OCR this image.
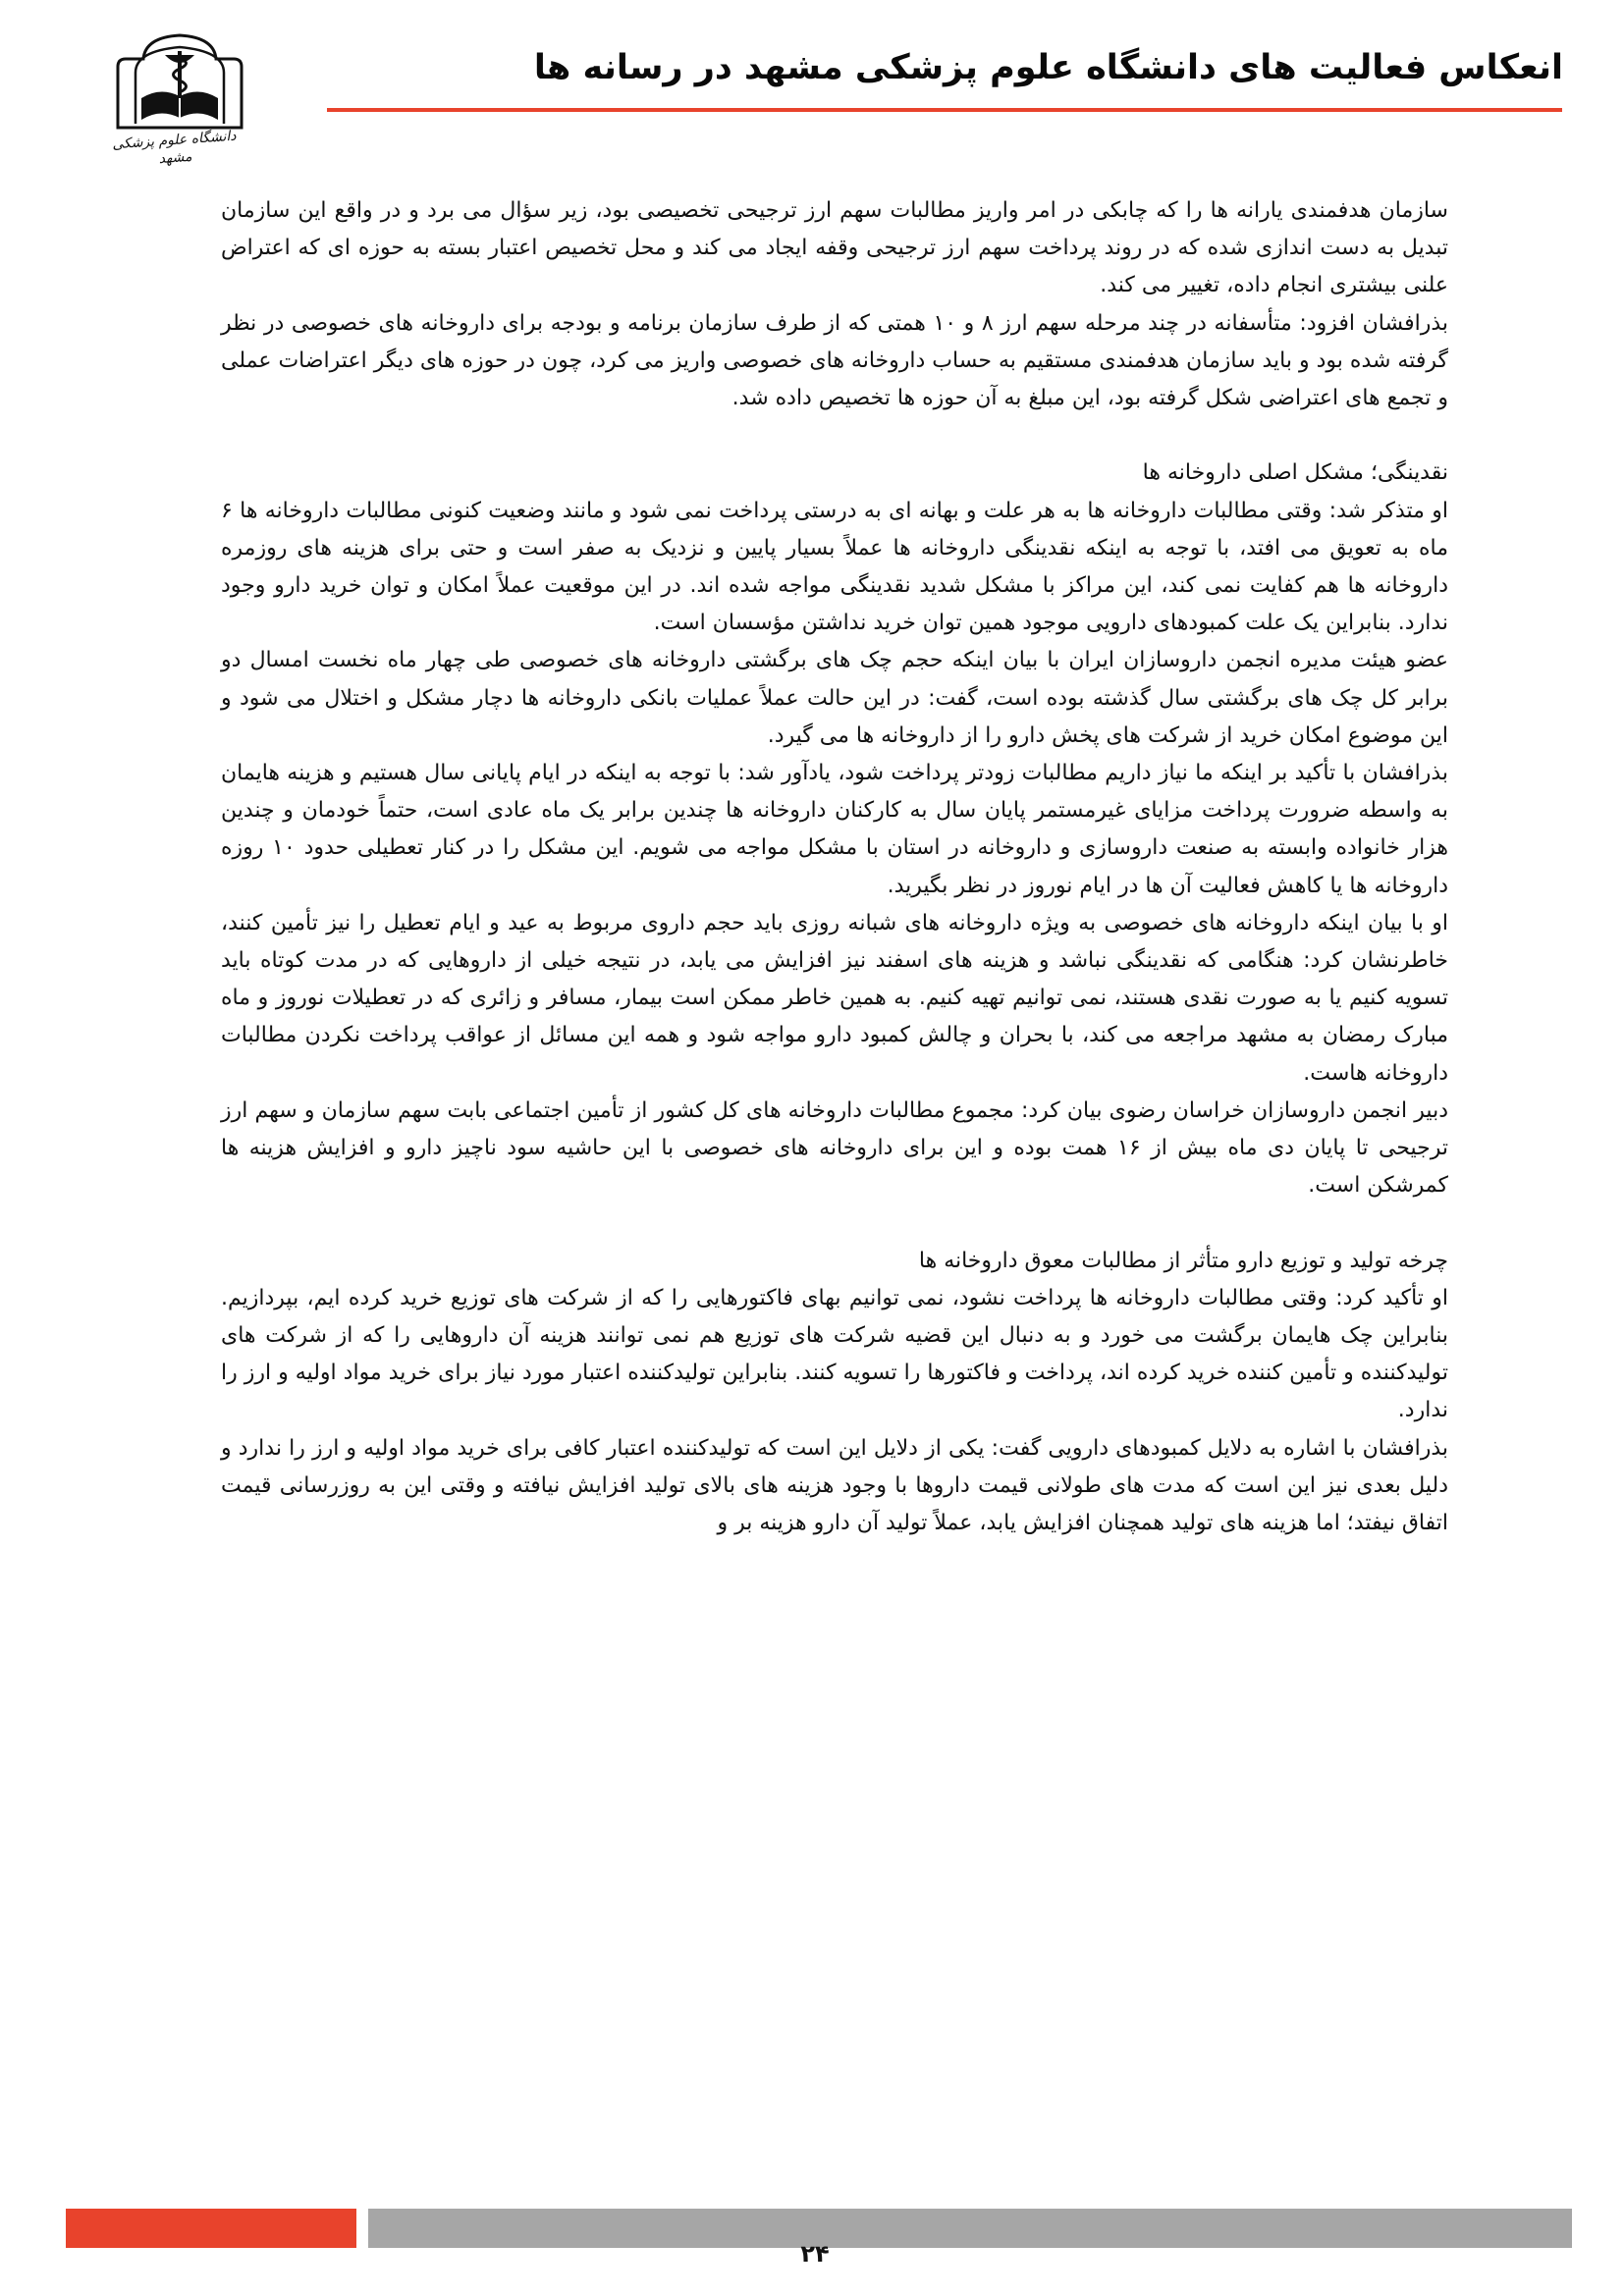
انعکاس فعالیت های دانشگاه علوم پزشکی مشهد در رسانه ها
دانشگاه علوم پزشکی مشهد

سازمان هدفمندی یارانه ها را که چابکی در امر واریز مطالبات سهم ارز ترجیحی تخصیصی بود، زیر سؤال می برد و در واقع این سازمان تبدیل به دست اندازی شده که در روند پرداخت سهم ارز ترجیحی وقفه ایجاد می کند و محل تخصیص اعتبار بسته به حوزه ای که اعتراض علنی بیشتری انجام داده، تغییر می کند.

بذرافشان افزود: متأسفانه در چند مرحله سهم ارز ۸ و ۱۰ همتی که از طرف سازمان برنامه و بودجه برای داروخانه های خصوصی در نظر گرفته شده بود و باید سازمان هدفمندی مستقیم به حساب داروخانه های خصوصی واریز می کرد، چون در حوزه های دیگر اعتراضات عملی و تجمع های اعتراضی شکل گرفته بود، این مبلغ به آن حوزه ها تخصیص داده شد.

نقدینگی؛ مشکل اصلی داروخانه ها

او متذکر شد: وقتی مطالبات داروخانه ها به هر علت و بهانه ای به درستی پرداخت نمی شود و مانند وضعیت کنونی مطالبات داروخانه ها ۶ ماه به تعویق می افتد، با توجه به اینکه نقدینگی داروخانه ها عملاً بسیار پایین و نزدیک به صفر است و حتی برای هزینه های روزمره داروخانه ها هم کفایت نمی کند، این مراکز با مشکل شدید نقدینگی مواجه شده اند. در این موقعیت عملاً امکان و توان خرید دارو وجود ندارد. بنابراین یک علت کمبودهای دارویی موجود همین توان خرید نداشتن مؤسسان است.

عضو هیئت مدیره انجمن داروسازان ایران با بیان اینکه حجم چک های برگشتی داروخانه های خصوصی طی چهار ماه نخست امسال دو برابر کل چک های برگشتی سال گذشته بوده است، گفت: در این حالت عملاً عملیات بانکی داروخانه ها دچار مشکل و اختلال می شود و این موضوع امکان خرید از شرکت های پخش دارو را از داروخانه ها می گیرد.

بذرافشان با تأکید بر اینکه ما نیاز داریم مطالبات زودتر پرداخت شود، یادآور شد: با توجه به اینکه در ایام پایانی سال هستیم و هزینه هایمان به واسطه ضرورت پرداخت مزایای غیرمستمر پایان سال به کارکنان داروخانه ها چندین برابر یک ماه عادی است، حتماً خودمان و چندین هزار خانواده وابسته به صنعت داروسازی و داروخانه در استان با مشکل مواجه می شویم. این مشکل را در کنار تعطیلی حدود ۱۰ روزه داروخانه ها یا کاهش فعالیت آن ها در ایام نوروز در نظر بگیرید.

او با بیان اینکه داروخانه های خصوصی به ویژه داروخانه های شبانه روزی باید حجم داروی مربوط به عید و ایام تعطیل را نیز تأمین کنند، خاطرنشان کرد: هنگامی که نقدینگی نباشد و هزینه های اسفند نیز افزایش می یابد، در نتیجه خیلی از داروهایی که در مدت کوتاه باید تسویه کنیم یا به صورت نقدی هستند، نمی توانیم تهیه کنیم. به همین خاطر ممکن است بیمار، مسافر و زائری که در تعطیلات نوروز و ماه مبارک رمضان به مشهد مراجعه می کند، با بحران و چالش کمبود دارو مواجه شود و همه این مسائل از عواقب پرداخت نکردن مطالبات داروخانه هاست.

دبیر انجمن داروسازان خراسان رضوی بیان کرد: مجموع مطالبات داروخانه های کل کشور از تأمین اجتماعی بابت سهم سازمان و سهم ارز ترجیحی تا پایان دی ماه بیش از ۱۶ همت بوده و این برای داروخانه های خصوصی با این حاشیه سود ناچیز دارو و افزایش هزینه ها کمرشکن است.

چرخه تولید و توزیع دارو متأثر از مطالبات معوق داروخانه ها

او تأکید کرد: وقتی مطالبات داروخانه ها پرداخت نشود، نمی توانیم بهای فاکتورهایی را که از شرکت های توزیع خرید کرده ایم، بپردازیم. بنابراین چک هایمان برگشت می خورد و به دنبال این قضیه شرکت های توزیع هم نمی توانند هزینه آن داروهایی را که از شرکت های تولیدکننده و تأمین کننده خرید کرده اند، پرداخت و فاکتورها را تسویه کنند. بنابراین تولیدکننده اعتبار مورد نیاز برای خرید مواد اولیه و ارز را ندارد.

بذرافشان با اشاره به دلایل کمبودهای دارویی گفت: یکی از دلایل این است که تولیدکننده اعتبار کافی برای خرید مواد اولیه و ارز را ندارد و دلیل بعدی نیز این است که مدت های طولانی قیمت داروها با وجود هزینه های بالای تولید افزایش نیافته و وقتی این به روزرسانی قیمت اتفاق نیفتد؛ اما هزینه های تولید همچنان افزایش یابد، عملاً تولید آن دارو هزینه بر و

۲۴
